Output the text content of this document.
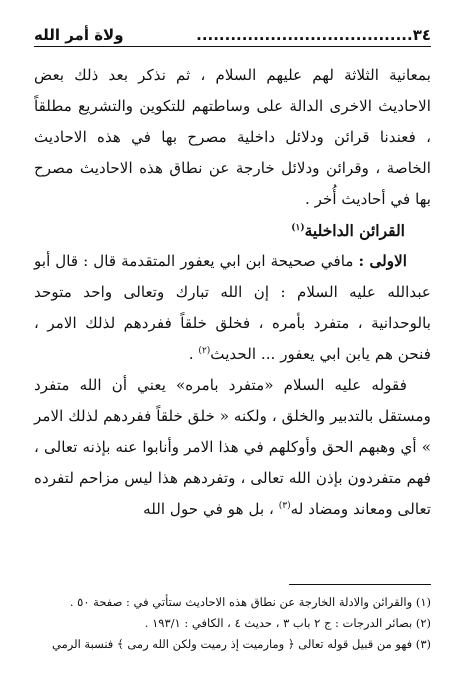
٣٤......................................
ولاة أمر الله

بمعانية الثلاثة لهم عليهم السلام ، ثم نذكر بعد ذلك بعض الاحاديث الاخرى الدالة على وساطتهم للتكوين والتشريع مطلقاً ، فعندنا قرائن ودلائل داخلية مصرح بها في هذه الاحاديث الخاصة ، وقرائن ودلائل خارجة عن نطاق هذه الاحاديث مصرح بها في أحاديث أُخر .

القرائن الداخلية$^{(١)}$

الاولى : مافي صحيحة ابن ابي يعفور المتقدمة قال : قال أبو عبدالله عليه السلام : إن الله تبارك وتعالى واحد متوحد بالوحدانية ، متفرد بأمره ، فخلق خلقاً ففردهم لذلك الامر ، فنحن هم يابن ابي يعفور ... الحديث$^{(٢)}$ .

فقوله عليه السلام «متفرد بامره» يعني أن الله متفرد ومستقل بالتدبير والخلق ، ولكنه « خلق خلقاً ففردهم لذلك الامر » أي وهبهم الحق وأوكلهم في هذا الامر وأنابوا عنه بإذنه تعالى ، فهم متفردون بإذن الله تعالى ، وتفردهم هذا ليس مزاحم لتفرده تعالى ومعاند ومضاد له$^{(٣)}$ ، بل هو في حول الله

(١) والقرائن والادلة الخارجة عن نطاق هذه الاحاديث ستأتي في : صفحة ٥٠ .
(٢) بصائر الدرجات : ج ٢ باب ٣ ، حديث ٤ ، الكافي : ١٩٣/١ .
(٣) فهو من قبيل قوله تعالى ﴿ ومارميت إذ رميت ولكن الله رمى ﴾ فنسبة الرمي
